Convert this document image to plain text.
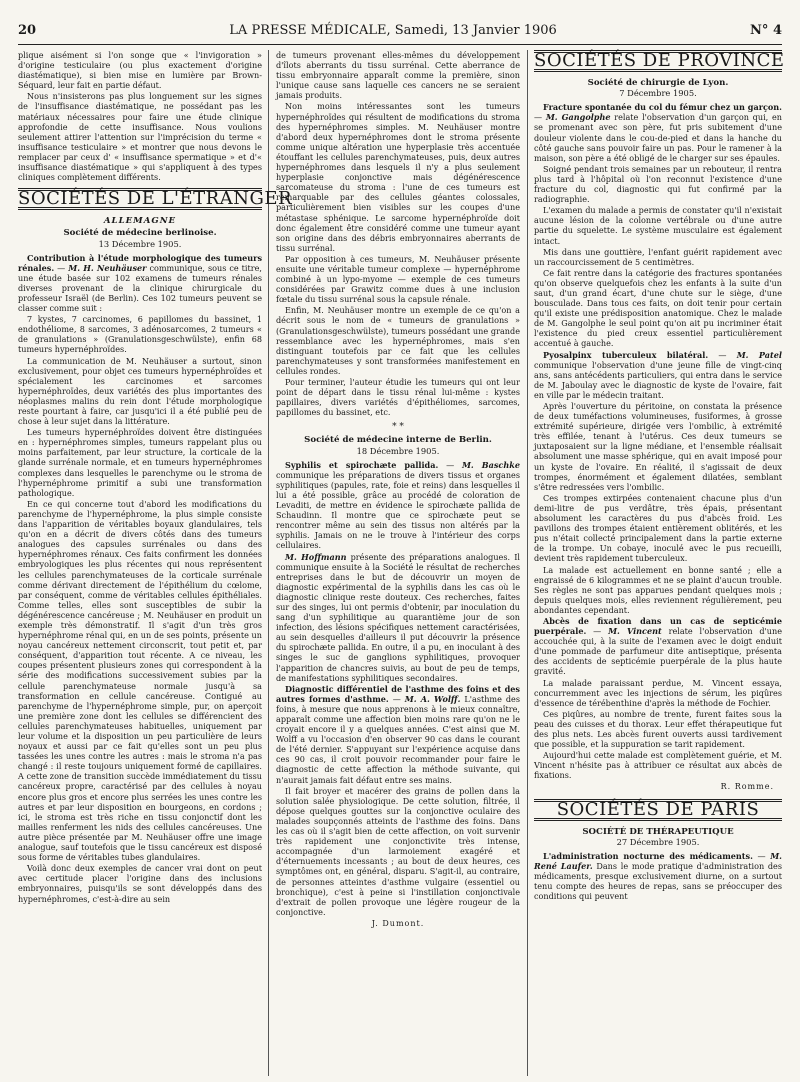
20	LA PRESSE MÉDICALE, Samedi, 13 Janvier 1906	N° 4

plique aisément si l'on songe que « l'invigoration » d'origine testiculaire (ou plus exactement d'origine diastématique), si bien mise en lumière par Brown-Séquard, leur fait en partie défaut.

Nous n'insisterons pas plus longuement sur les signes de l'insuffisance diastématique, ne possédant pas les matériaux nécessaires pour faire une étude clinique approfondie de cette insuffisance. Nous voulions seulement attirer l'attention sur l'imprécision du terme « insuffisance testiculaire » et montrer que nous devons le remplacer par ceux d' « insuffisance spermatique » et d'« insuffisance diastématique » qui s'appliquent à des types cliniques complètement différents.

SOCIÉTÉS DE L'ÉTRANGER
ALLEMAGNE
Société de médecine berlinoise.
13 Décembre 1905.

Contribution à l'étude morphologique des tumeurs rénales. — M. H. Neuhäuser communique, sous ce titre, une étude basée sur 102 examens de tumeurs rénales diverses provenant de la clinique chirurgicale du professeur Israël (de Berlin). Ces 102 tumeurs peuvent se classer comme suit :

7 kystes, 7 carcinomes, 6 papillomes du bassinet, 1 endothéliome, 8 sarcomes, 3 adénosarcomes, 2 tumeurs « de granulations » (Granulationsgeschwülste), enfin 68 tumeurs hypernéphroïdes.

La communication de M. Neuhäuser a surtout, sinon exclusivement, pour objet ces tumeurs hypernéphroïdes et spécialement les carcinomes et sarcomes hypernéphroïdes, deux variétés des plus importantes des néoplasmes malins du rein dont l'étude morphologique reste pourtant à faire, car jusqu'ici il a été publié peu de chose à leur sujet dans la littérature.

Les tumeurs hypernéphroïdes doivent être distinguées en : hypernéphromes simples, tumeurs rappelant plus ou moins parfaitement, par leur structure, la corticale de la glande surrénale normale, et en tumeurs hypernéphromes complexes dans lesquelles le parenchyme ou le stroma de l'hypernéphrome primitif a subi une transformation pathologique.

En ce qui concerne tout d'abord les modifications du parenchyme de l'hypernéphrome, la plus simple consiste dans l'apparition de véritables boyaux glandulaires, tels qu'on en a décrit de divers côtés dans des tumeurs analogues des capsules surrénales ou dans des hypernéphromes rénaux. Ces faits confirment les données embryologiques les plus récentes qui nous représentent les cellules parenchymateuses de la corticale surrénale comme dérivant directement de l'épithélium du cœlome, par conséquent, comme de véritables cellules épithéliales. Comme telles, elles sont susceptibles de subir la dégénérescence cancéreuse ; M. Neuhäuser en produit un exemple très démonstratif. Il s'agit d'un très gros hypernéphrome rénal qui, en un de ses points, présente un noyau cancéreux nettement circonscrit, tout petit et, par conséquent, d'apparition tout récente. A ce niveau, les coupes présentent plusieurs zones qui correspondent à la série des modifications successivement subies par la cellule parenchymateuse normale jusqu'à sa transformation en cellule cancéreuse. Contigué au parenchyme de l'hypernéphrome simple, pur, on aperçoit une première zone dont les cellules se différencient des cellules parenchymateuses habituelles, uniquement par leur volume et la disposition un peu particulière de leurs noyaux et aussi par ce fait qu'elles sont un peu plus tassées les unes contre les autres : mais le stroma n'a pas changé : il reste toujours uniquement formé de capillaires. A cette zone de transition succède immédiatement du tissu cancéreux propre, caractérisé par des cellules à noyau encore plus gros et encore plus serrées les unes contre les autres et par leur disposition en bourgeons, en cordons ; ici, le stroma est très riche en tissu conjonctif dont les mailles renferment les nids des cellules cancéreuses. Une autre pièce présentée par M. Neuhäuser offre une image analogue, sauf toutefois que le tissu cancéreux est disposé sous forme de véritables tubes glandulaires.

Voilà donc deux exemples de cancer vrai dont on peut avec certitude placer l'origine dans des inclusions embryonnaires, puisqu'ils se sont développés dans des hypernéphromes, c'est-à-dire au sein

de tumeurs provenant elles-mêmes du développement d'îlots aberrants du tissu surrénal. Cette aberrance de tissu embryonnaire apparaît comme la première, sinon l'unique cause sans laquelle ces cancers ne se seraient jamais produits.

Non moins intéressantes sont les tumeurs hypernéphroïdes qui résultent de modifications du stroma des hypernéphromes simples. M. Neuhäuser montre d'abord deux hypernéphromes dont le stroma présente comme unique altération une hyperplasie très accentuée étouffant les cellules parenchymateuses, puis, deux autres hypernéphromes dans lesquels il n'y a plus seulement hyperplasie conjonctive mais dégénérescence sarcomateuse du stroma : l'une de ces tumeurs est remarquable par des cellules géantes colossales, particulièrement bien visibles sur les coupes d'une métastase sphénique. Le sarcome hypernéphroïde doit donc également être considéré comme une tumeur ayant son origine dans des débris embryonnaires aberrants de tissu surrénal.

Par opposition à ces tumeurs, M. Neuhäuser présente ensuite une véritable tumeur complexe — hypernéphrome combiné à un lypo-myome — exemple de ces tumeurs considérées par Grawitz comme dues à une inclusion fœtale du tissu surrénal sous la capsule rénale.

Enfin, M. Neuhäuser montre un exemple de ce qu'on a décrit sous le nom de « tumeurs de granulations » (Granulationsgeschwülste), tumeurs possédant une grande ressemblance avec les hypernéphromes, mais s'en distinguant toutefois par ce fait que les cellules parenchymateuses y sont transformées manifestement en cellules rondes.

Pour terminer, l'auteur étudie les tumeurs qui ont leur point de départ dans le tissu rénal lui-même : kystes papillaires, divers variétés d'épithéliomes, sarcomes, papillomes du bassinet, etc.

* *
Société de médecine interne de Berlin.
18 Décembre 1905.

Syphilis et spirochæte pallida. — M. Baschke communique les préparations de divers tissus et organes syphilitiques (papules, rate, foie et reins) dans lesquelles il lui a été possible, grâce au procédé de coloration de Levaditi, de mettre en évidence le spirochæte pallida de Schaudinn. Il montre que ce spirochæte peut se rencontrer même au sein des tissus non altérés par la syphilis. Jamais on ne le trouve à l'intérieur des corps cellulaires.

M. Hoffmann présente des préparations analogues. Il communique ensuite à la Société le résultat de recherches entreprises dans le but de découvrir un moyen de diagnostic expérimental de la syphilis dans les cas où le diagnostic clinique reste douteux. Ces recherches, faites sur des singes, lui ont permis d'obtenir, par inoculation du sang d'un syphilitique au quarantième jour de son infection, des lésions spécifiques nettement caractérisées, au sein desquelles d'ailleurs il put découvrir la présence du spirochæte pallida. En outre, il a pu, en inoculant à des singes le suc de ganglions syphilitiques, provoquer l'apparition de chancres suivis, au bout de peu de temps, de manifestations syphilitiques secondaires.

Diagnostic différentiel de l'asthme des foins et des autres formes d'asthme. — M. A. Wolff. L'asthme des foins, à mesure que nous apprenons à le mieux connaître, apparaît comme une affection bien moins rare qu'on ne le croyait encore il y a quelques années. C'est ainsi que M. Wolff a vu l'occasion d'en observer 90 cas dans le courant de l'été dernier. S'appuyant sur l'expérience acquise dans ces 90 cas, il croit pouvoir recommander pour faire le diagnostic de cette affection la méthode suivante, qui n'aurait jamais fait défaut entre ses mains.

Il fait broyer et macérer des grains de pollen dans la solution salée physiologique. De cette solution, filtrée, il dépose quelques gouttes sur la conjonctive oculaire des malades soupçonnés atteints de l'asthme des foins. Dans les cas où il s'agit bien de cette affection, on voit survenir très rapidement une conjonctivite très intense, accompagnée d'un larmoiement exagéré et d'éternuements incessants ; au bout de deux heures, ces symptômes ont, en général, disparu. S'agit-il, au contraire, de personnes atteintes d'asthme vulgaire (essentiel ou bronchique), c'est à peine si l'instillation conjonctivale d'extrait de pollen provoque une légère rougeur de la conjonctive.

J. Dumont.
SOCIÉTÉS DE PROVINCE
Société de chirurgie de Lyon.
7 Décembre 1905.

Fracture spontanée du col du fémur chez un garçon. — M. Gangolphe relate l'observation d'un garçon qui, en se promenant avec son père, fut pris subitement d'une douleur violente dans le cou-de-pied et dans la hanche du côté gauche sans pouvoir faire un pas. Pour le ramener à la maison, son père a été obligé de le charger sur ses épaules.

Soigné pendant trois semaines par un rebouteur, il rentra plus tard à l'hôpital où l'on reconnut l'existence d'une fracture du col, diagnostic qui fut confirmé par la radiographie.

L'examen du malade a permis de constater qu'il n'existait aucune lésion de la colonne vertébrale ou d'une autre partie du squelette. Le système musculaire est également intact.

Mis dans une gouttière, l'enfant guérit rapidement avec un raccourcissement de 5 centimètres.

Ce fait rentre dans la catégorie des fractures spontanées qu'on observe quelquefois chez les enfants à la suite d'un saut, d'un grand écart, d'une chute sur le siège, d'une bousculade. Dans tous ces faits, on doit tenir pour certain qu'il existe une prédisposition anatomique. Chez le malade de M. Gangolphe le seul point qu'on ait pu incriminer était l'existence du pied creux essentiel particulièrement accentué à gauche.

Pyosalpinx tuberculeux bilatéral. — M. Patel communique l'observation d'une jeune fille de vingt-cinq ans, sans antécédents particuliers, qui entra dans le service de M. Jaboulay avec le diagnostic de kyste de l'ovaire, fait en ville par le médecin traitant.

Après l'ouverture du péritoine, on constata la présence de deux tuméfactions volumineuses, fusiformes, à grosse extrémité supérieure, dirigée vers l'ombilic, à extrémité très effilée, tenant à l'utérus. Ces deux tumeurs se juxtaposaient sur la ligne médiane, et l'ensemble réalisait absolument une masse sphérique, qui en avait imposé pour un kyste de l'ovaire. En réalité, il s'agissait de deux trompes, énormément et également dilatées, semblant s'être redressées vers l'ombilic.

Ces trompes extirpées contenaient chacune plus d'un demi-litre de pus verdâtre, très épais, présentant absolument les caractères du pus d'abcès froid. Les pavillons des trompes étaient entièrement oblitérés, et les pus n'était collecté principalement dans la partie externe de la trompe. Un cobaye, inoculé avec le pus recueilli, devient très rapidement tuberculeux.

La malade est actuellement en bonne santé ; elle a engraissé de 6 kilogrammes et ne se plaint d'aucun trouble. Ses règles ne sont pas apparues pendant quelques mois ; depuis quelques mois, elles reviennent régulièrement, peu abondantes cependant.

Abcès de fixation dans un cas de septicémie puerpérale. — M. Vincent relate l'observation d'une accouchée qui, à la suite de l'examen avec le doigt enduit d'une pommade de parfumeur dite antiseptique, présenta des accidents de septicémie puerpérale de la plus haute gravité.

La malade paraissant perdue, M. Vincent essaya, concurremment avec les injections de sérum, les piqûres d'essence de térébenthine d'après la méthode de Fochier.

Ces piqûres, au nombre de trente, furent faites sous la peau des cuisses et du thorax. Leur effet thérapeutique fut des plus nets. Les abcès furent ouverts aussi tardivement que possible, et la suppuration se tarit rapidement.

Aujourd'hui cette malade est complètement guérie, et M. Vincent n'hésite pas à attribuer ce résultat aux abcès de fixations.

R. Romme.
SOCIÉTÉS DE PARIS
SOCIÉTÉ DE THÉRAPEUTIQUE
27 Décembre 1905.

L'administration nocturne des médicaments. — M. René Laufer. Dans le mode pratique d'administration des médicaments, presque exclusivement diurne, on a surtout tenu compte des heures de repas, sans se préoccuper des conditions qui peuvent
